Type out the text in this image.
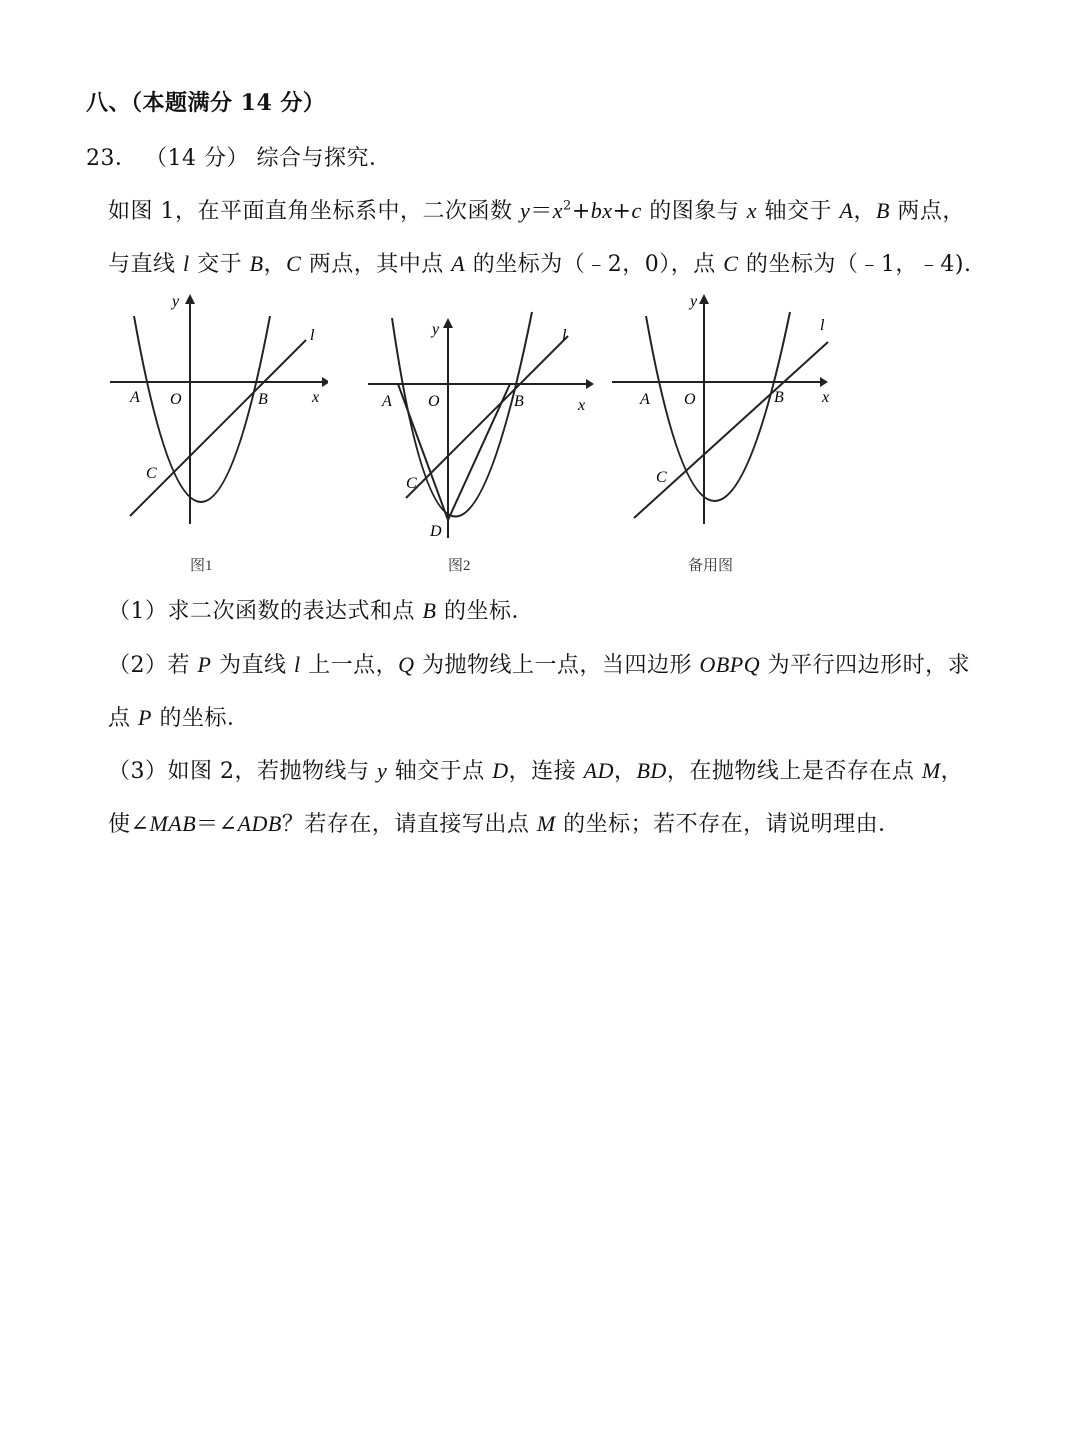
八、（本题满分 14 分）
23． （14 分） 综合与探究．
如图 1，在平面直角坐标系中，二次函数 $y=x^2+bx+c$ 的图象与 x 轴交于 A，B 两点，
与直线 l 交于 B，C 两点，其中点 A 的坐标为（﹣2，0），点 C 的坐标为（﹣1，﹣4).
y
x
O
A	B
C
l
图1
y
x
O
A	B
C
D
l
图2
y
x
O
A	B
C
l
备用图
（1）求二次函数的表达式和点 B 的坐标．
（2）若 P 为直线 l 上一点，Q 为抛物线上一点，当四边形 OBPQ 为平行四边形时，求
点 P 的坐标．
（3）如图 2，若抛物线与 y 轴交于点 D，连接 AD，BD，在抛物线上是否存在点 M，
使∠MAB＝∠ADB？若存在，请直接写出点 M 的坐标；若不存在，请说明理由．
